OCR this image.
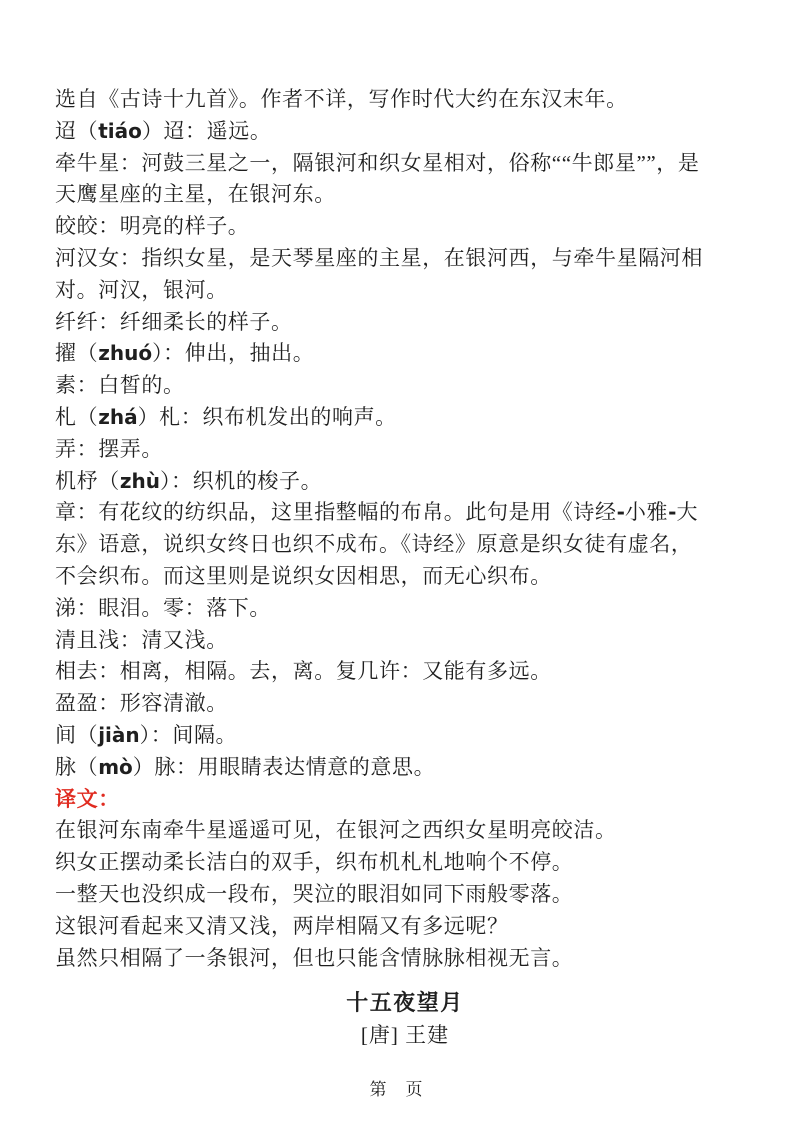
选自《古诗十九首》。作者不详，写作时代大约在东汉末年。

迢（tiáo）迢：遥远。

牵牛星：河鼓三星之一，隔银河和织女星相对，俗称““牛郎星””，是

天鹰星座的主星，在银河东。

皎皎：明亮的样子。

河汉女：指织女星，是天琴星座的主星，在银河西，与牵牛星隔河相

对。河汉，银河。

纤纤：纤细柔长的样子。

擢（zhuó）：伸出，抽出。

素：白皙的。

札（zhá）札：织布机发出的响声。

弄：摆弄。

机杼（zhù）：织机的梭子。

章：有花纹的纺织品，这里指整幅的布帛。此句是用《诗经-小雅-大

东》语意，说织女终日也织不成布。《诗经》原意是织女徒有虚名，

不会织布。而这里则是说织女因相思，而无心织布。

涕：眼泪。零：落下。

清且浅：清又浅。

相去：相离，相隔。去，离。复几许：又能有多远。

盈盈：形容清澈。

间（jiàn）：间隔。

脉（mò）脉：用眼睛表达情意的意思。

译文：

在银河东南牵牛星遥遥可见，在银河之西织女星明亮皎洁。

织女正摆动柔长洁白的双手，织布机札札地响个不停。

一整天也没织成一段布，哭泣的眼泪如同下雨般零落。

这银河看起来又清又浅，两岸相隔又有多远呢？

虽然只相隔了一条银河，但也只能含情脉脉相视无言。

十五夜望月

[唐] 王建

第　页
